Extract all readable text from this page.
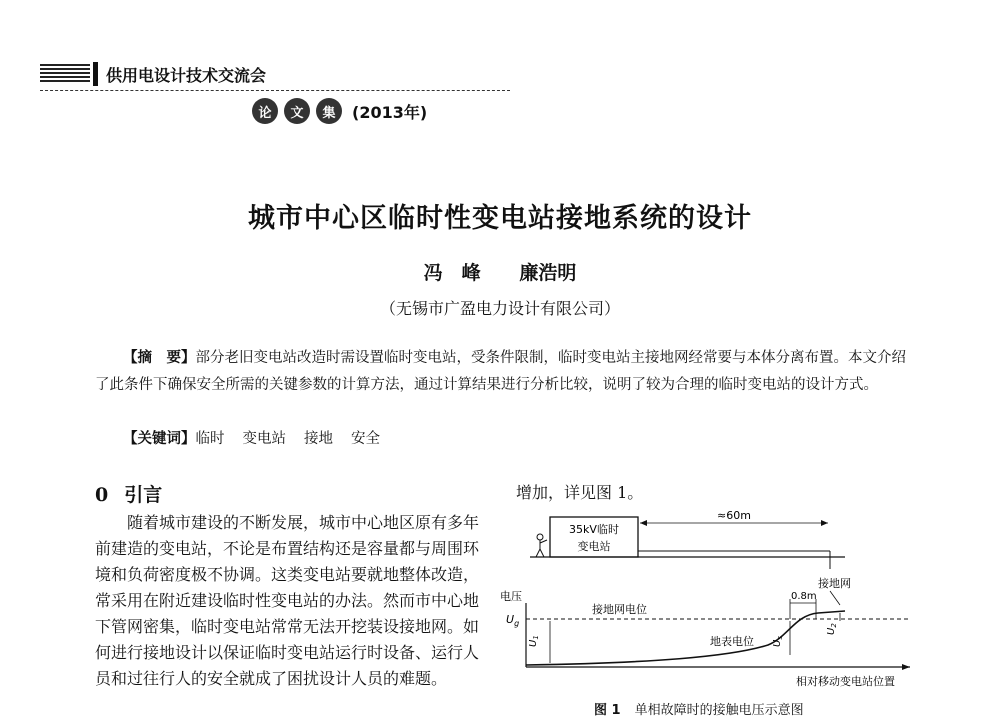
供用电设计技术交流会
论	文	集	(2013年)
城市中心区临时性变电站接地系统的设计
冯　峰 廉浩明
（无锡市广盈电力设计有限公司）
【摘　要】部分老旧变电站改造时需设置临时变电站，受条件限制，临时变电站主接地网经常要与本体分离布置。本文介绍了此条件下确保安全所需的关键参数的计算方法，通过计算结果进行分析比较，说明了较为合理的临时变电站的设计方式。
【关键词】临时 变电站 接地 安全
0 引言
随着城市建设的不断发展，城市中心地区原有多年前建造的变电站，不论是布置结构还是容量都与周围环境和负荷密度极不协调。这类变电站要就地整体改造，常采用在附近建设临时性变电站的办法。然而市中心地下管网密集，临时变电站常常无法开挖装设接地网。如何进行接地设计以保证临时变电站运行时设备、运行人员和过往行人的安全就成了困扰设计人员的难题。
增加，详见图 1。
35kV临时
变电站
≈60m
接地网
电压
$U_g$
接地网电位
地表电位
$U_1$
0.8m
$U_s$
$U_2$
相对移动变电站位置
图 1 单相故障时的接触电压示意图
